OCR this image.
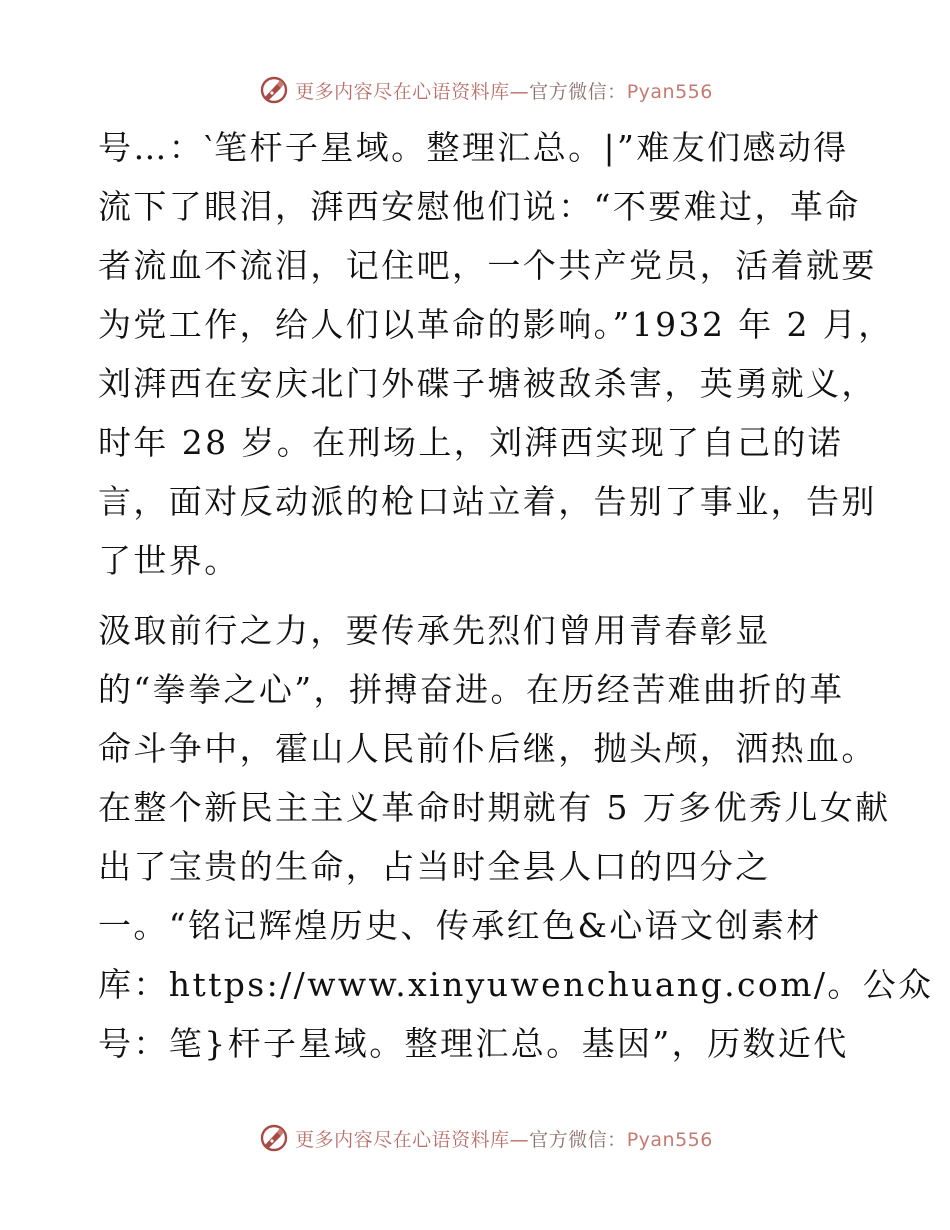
更多内容尽在心语资料库—官方微信：Pyan556
号…：‵笔杆子星域。整理汇总。|”难友们感动得
流下了眼泪，湃西安慰他们说：“不要难过，革命
者流血不流泪，记住吧，一个共产党员，活着就要
为党工作，给人们以革命的影响。”1932 年 2 月，
刘湃西在安庆北门外碟子塘被敌杀害，英勇就义，
时年 28 岁。在刑场上，刘湃西实现了自己的诺
言，面对反动派的枪口站立着，告别了事业，告别
了世界。
汲取前行之力，要传承先烈们曾用青春彰显
的“拳拳之心”，拼搏奋进。在历经苦难曲折的革
命斗争中，霍山人民前仆后继，抛头颅，洒热血。
在整个新民主主义革命时期就有 5 万多优秀儿女献
出了宝贵的生命，占当时全县人口的四分之
一。“铭记辉煌历史、传承红色&心语文创素材
库：https://www.xinyuwenchuang.com/。公众
号：笔}杆子星域。整理汇总。基因”，历数近代
更多内容尽在心语资料库—官方微信：Pyan556
